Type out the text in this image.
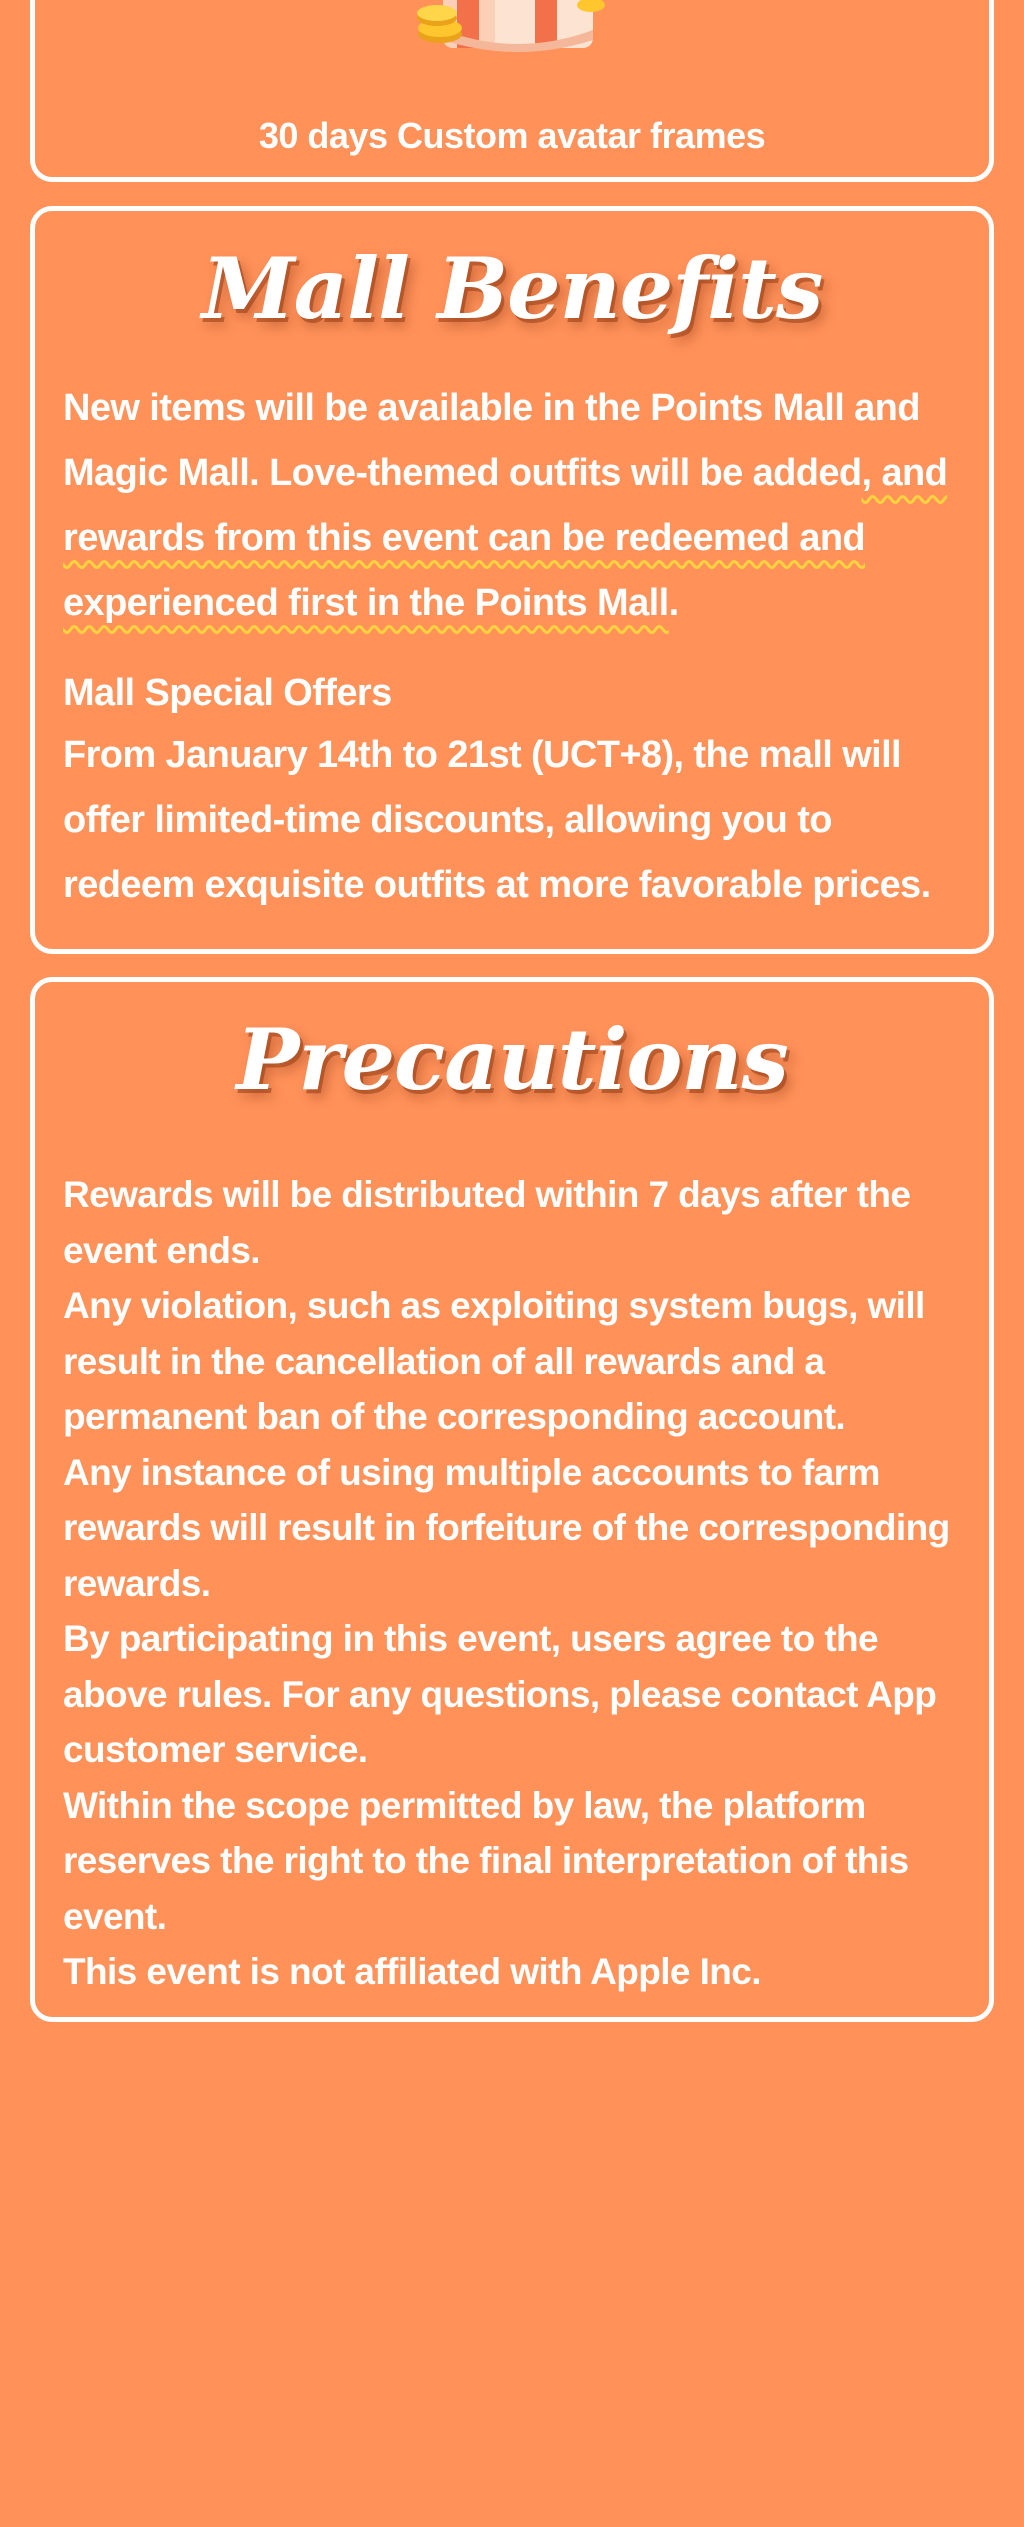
30 days Custom avatar frames
Mall Benefits

New items will be available in the Points Mall and Magic Mall. Love-themed outfits will be added, and rewards from this event can be redeemed and experienced first in the Points Mall.

Mall Special Offers

From January 14th to 21st (UCT+8), the mall will offer limited-time discounts, allowing you to redeem exquisite outfits at more favorable prices.

Precautions
Rewards will be distributed within 7 days after the event ends.
Any violation, such as exploiting system bugs, will result in the cancellation of all rewards and a permanent ban of the corresponding account.
Any instance of using multiple accounts to farm rewards will result in forfeiture of the corresponding rewards.
By participating in this event, users agree to the above rules. For any questions, please contact App customer service.
Within the scope permitted by law, the platform reserves the right to the final interpretation of this event.
This event is not affiliated with Apple Inc.
